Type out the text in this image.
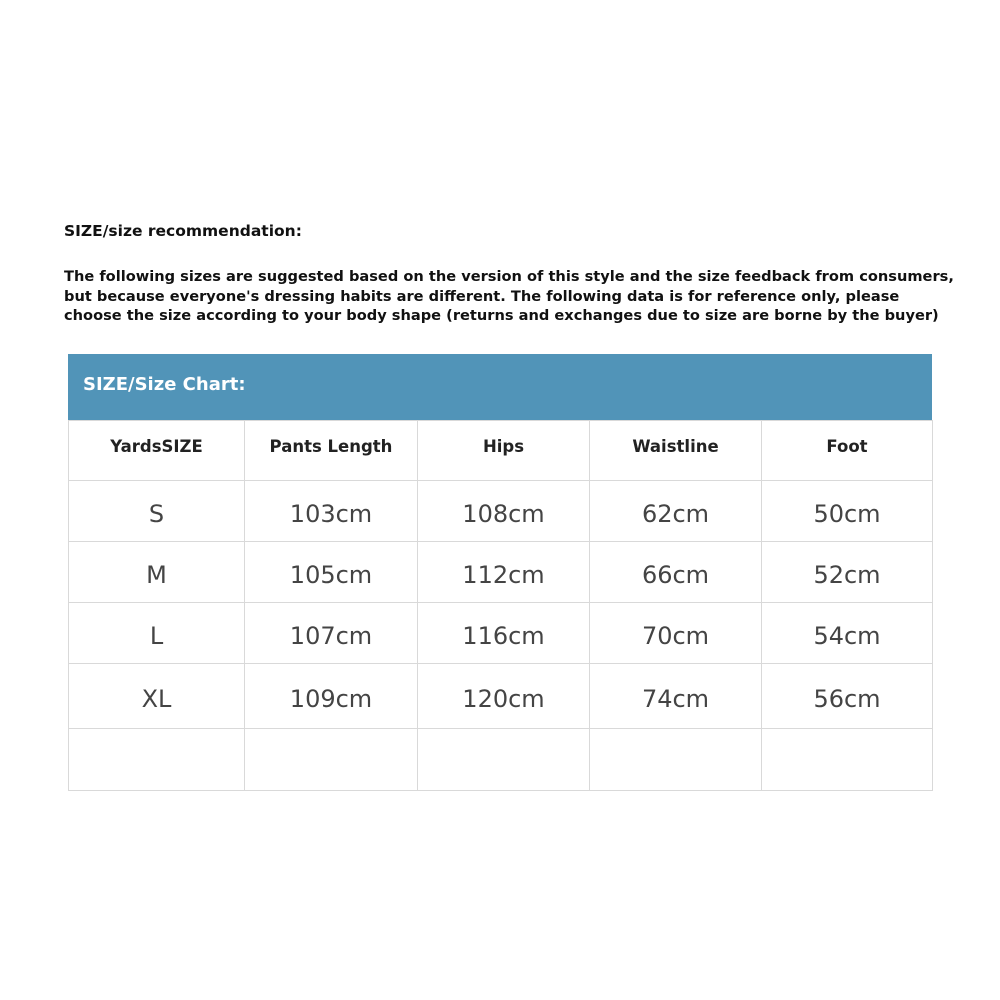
SIZE/size recommendation:
The following sizes are suggested based on the version of this style and the size feedback from consumers,
but because everyone's dressing habits are different. The following data is for reference only, please
choose the size according to your body shape (returns and exchanges due to size are borne by the buyer)
SIZE/Size Chart:
YardsSIZE	Pants Length	Hips	Waistline	Foot
S	103cm	108cm	62cm	50cm
M	105cm	112cm	66cm	52cm
L	107cm	116cm	70cm	54cm
XL	109cm	120cm	74cm	56cm
